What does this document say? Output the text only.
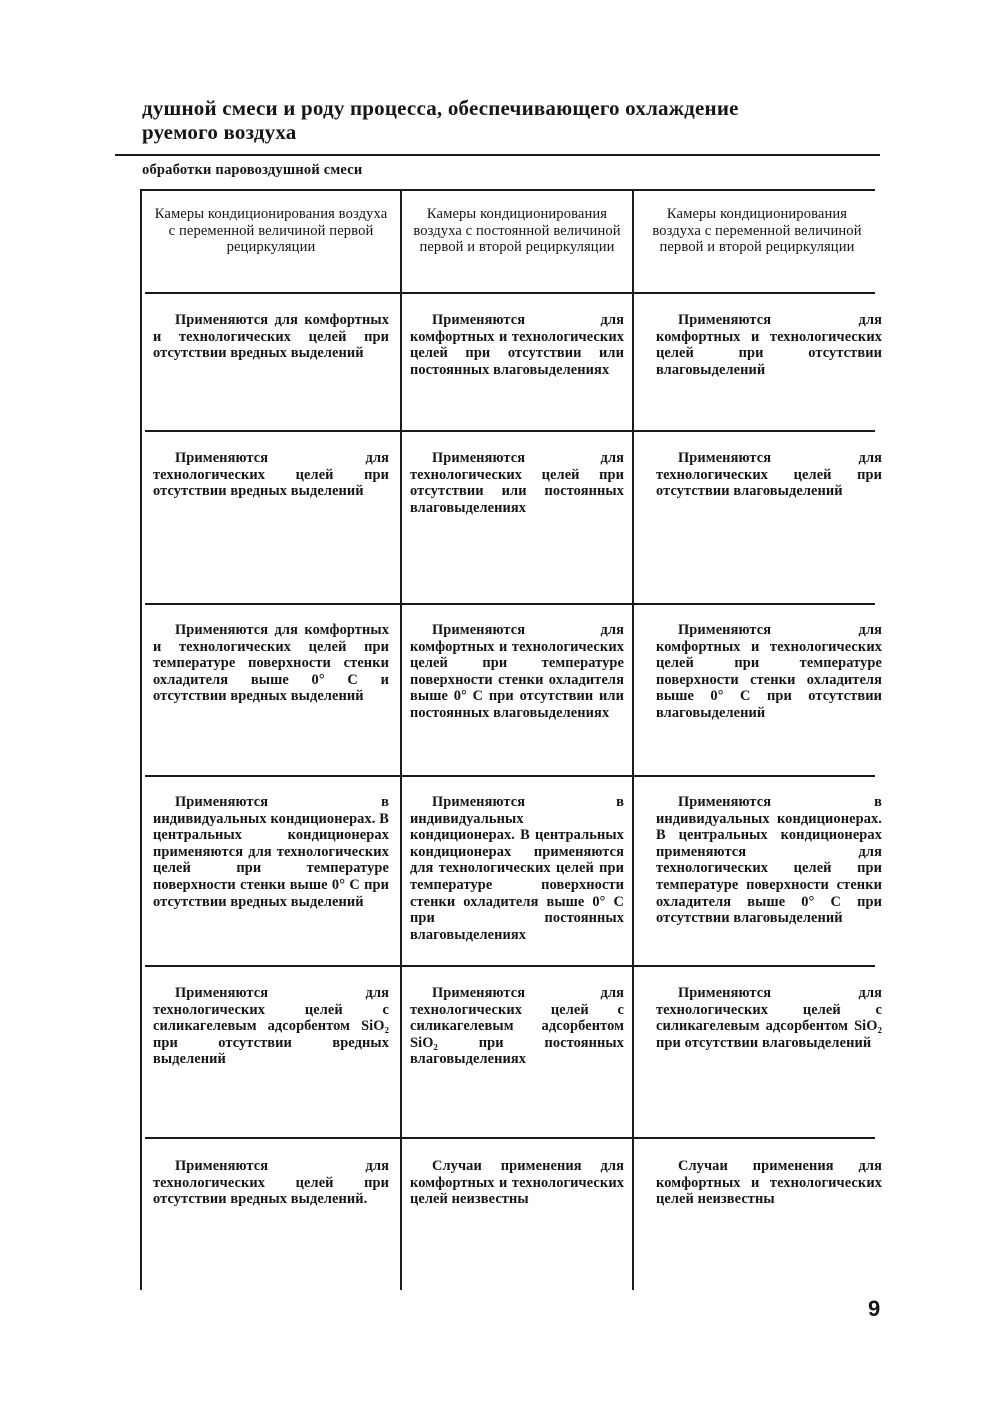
душной смеси и роду процесса, обеспечивающего охлаждение
руемого воздуха
обработки паровоздушной смеси
Камеры кондиционирования воздуха с переменной величиной первой рециркуляции
Камеры кондиционирования воздуха с постоянной величиной первой и второй рециркуляции
Камеры кондиционирования воздуха с переменной величиной первой и второй рециркуляции
Применяются для комфортных и технологических целей при отсутствии вредных выделений
Применяются для комфортных и технологических целей при отсутствии или постоянных влаговыделениях
Применяются для комфортных и технологических целей при отсутствии влаговыделений
Применяются для технологических целей при отсутствии вредных выделений
Применяются для технологических целей при отсутствии или постоянных влаговыделениях
Применяются для технологических целей при отсутствии влаговыделений
Применяются для комфортных и технологических целей при температуре поверхности стенки охладителя выше 0° С и отсутствии вредных выделений
Применяются для комфортных и технологических целей при температуре поверхности стенки охладителя выше 0° С при отсутствии или постоянных влаговыделениях
Применяются для комфортных и технологических целей при температуре поверхности стенки охладителя выше 0° С при отсутствии влаговыделений
Применяются в индивидуальных кондиционерах. В центральных кондиционерах применяются для технологических целей при температуре поверхности стенки выше 0° С при отсутствии вредных выделений
Применяются в индивидуальных кондиционерах. В центральных кондиционерах применяются для технологических целей при температуре поверхности стенки охладителя выше 0° С при постоянных влаговыделениях
Применяются в индивидуальных кондиционерах. В центральных кондиционерах применяются для технологических целей при температуре поверхности стенки охладителя выше 0° С при отсутствии влаговыделений
Применяются для технологических целей с силикагелевым адсорбентом SiO₂ при отсутствии вредных выделений
Применяются для технологических целей с силикагелевым адсорбентом SiO₂ при постоянных влаговыделениях
Применяются для технологических целей с силикагелевым адсорбентом SiO₂ при отсутствии влаговыделений
Применяются для технологических целей при отсутствии вредных выделений.
Случаи применения для комфортных и технологических целей неизвестны
Случаи применения для комфортных и технологических целей неизвестны
9
